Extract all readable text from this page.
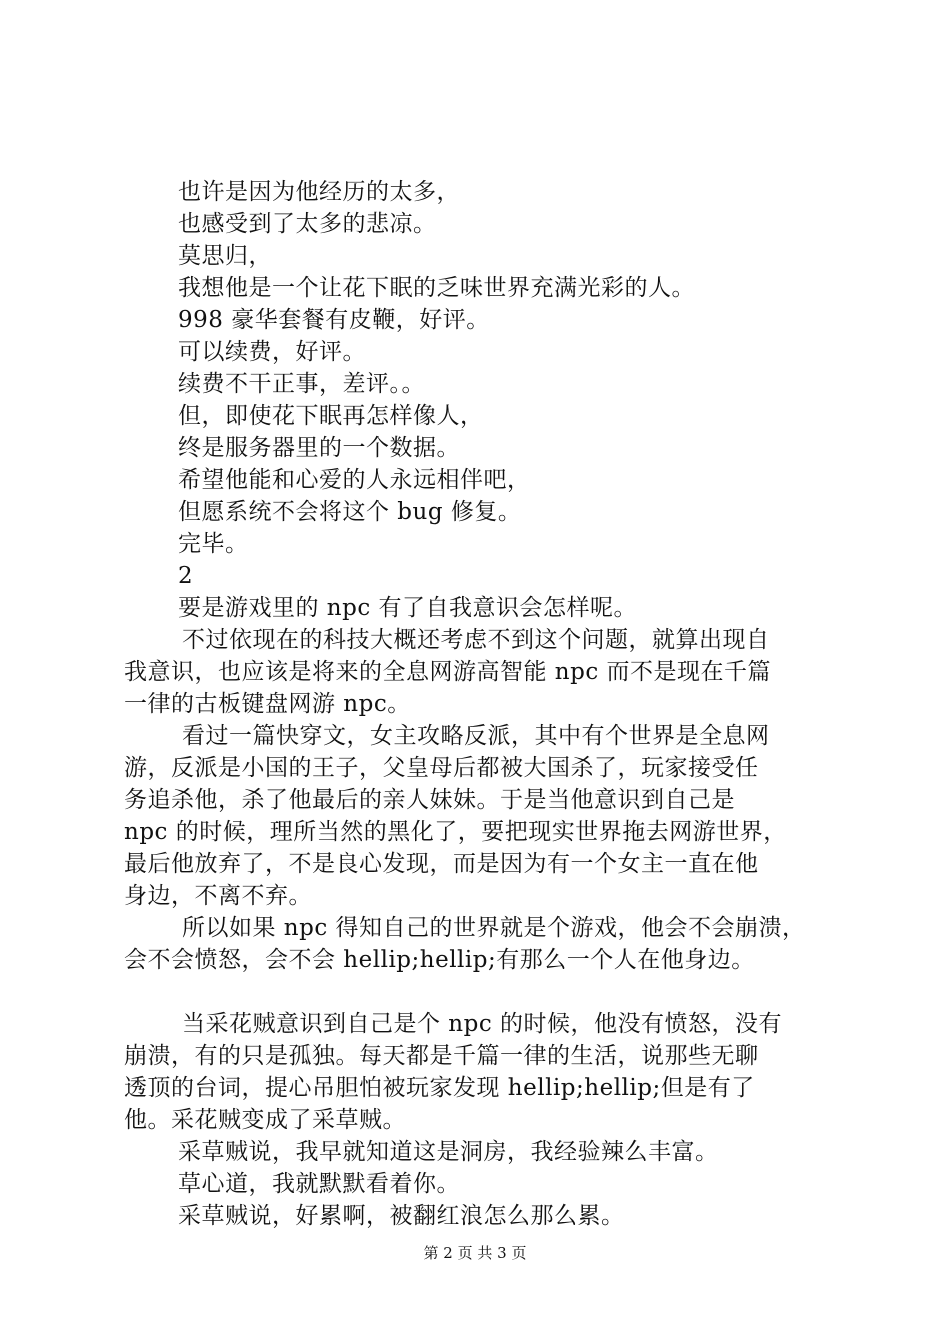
也许是因为他经历的太多，
也感受到了太多的悲凉。
莫思归，
我想他是一个让花下眠的乏味世界充满光彩的人。
998 豪华套餐有皮鞭，好评。
可以续费，好评。
续费不干正事，差评。。
但，即使花下眠再怎样像人，
终是服务器里的一个数据。
希望他能和心爱的人永远相伴吧，
但愿系统不会将这个 bug 修复。
完毕。
2
要是游戏里的 npc 有了自我意识会怎样呢。

不过依现在的科技大概还考虑不到这个问题，就算出现自
我意识，也应该是将来的全息网游高智能 npc 而不是现在千篇
一律的古板键盘网游 npc。

看过一篇快穿文，女主攻略反派，其中有个世界是全息网
游，反派是小国的王子，父皇母后都被大国杀了，玩家接受任
务追杀他，杀了他最后的亲人妹妹。于是当他意识到自己是
npc 的时候，理所当然的黑化了，要把现实世界拖去网游世界，
最后他放弃了，不是良心发现，而是因为有一个女主一直在他
身边，不离不弃。

所以如果 npc 得知自己的世界就是个游戏，他会不会崩溃，
会不会愤怒，会不会 hellip;hellip;有那么一个人在他身边。

当采花贼意识到自己是个 npc 的时候，他没有愤怒，没有
崩溃，有的只是孤独。每天都是千篇一律的生活，说那些无聊
透顶的台词，提心吊胆怕被玩家发现 hellip;hellip;但是有了
他。采花贼变成了采草贼。

采草贼说，我早就知道这是洞房，我经验辣么丰富。
草心道，我就默默看着你。
采草贼说，好累啊，被翻红浪怎么那么累。
第 2 页 共 3 页
